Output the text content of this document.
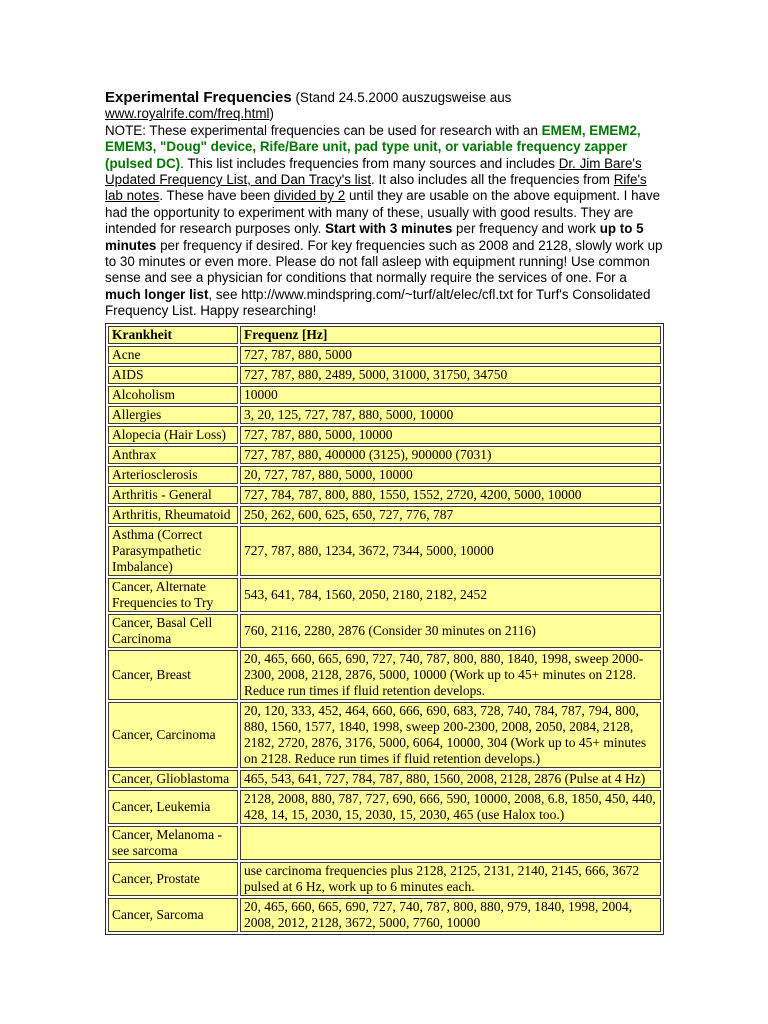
Experimental Frequencies (Stand 24.5.2000 auszugsweise aus
www.royalrife.com/freq.html)
NOTE: These experimental frequencies can be used for research with an EMEM, EMEM2, EMEM3, "Doug" device, Rife/Bare unit, pad type unit, or variable frequency zapper (pulsed DC). This list includes frequencies from many sources and includes Dr. Jim Bare's Updated Frequency List, and Dan Tracy's list. It also includes all the frequencies from Rife's lab notes. These have been divided by 2 until they are usable on the above equipment. I have had the opportunity to experiment with many of these, usually with good results. They are intended for research purposes only. Start with 3 minutes per frequency and work up to 5 minutes per frequency if desired. For key frequencies such as 2008 and 2128, slowly work up to 30 minutes or even more. Please do not fall asleep with equipment running! Use common sense and see a physician for conditions that normally require the services of one. For a much longer list, see http://www.mindspring.com/~turf/alt/elec/cfl.txt for Turf's Consolidated Frequency List. Happy researching!
Krankheit	Frequenz [Hz]
Acne	727, 787, 880, 5000
AIDS	727, 787, 880, 2489, 5000, 31000, 31750, 34750
Alcoholism	10000
Allergies	3, 20, 125, 727, 787, 880, 5000, 10000
Alopecia (Hair Loss)	727, 787, 880, 5000, 10000
Anthrax	727, 787, 880, 400000 (3125), 900000 (7031)
Arteriosclerosis	20, 727, 787, 880, 5000, 10000
Arthritis - General	727, 784, 787, 800, 880, 1550, 1552, 2720, 4200, 5000, 10000
Arthritis, Rheumatoid	250, 262, 600, 625, 650, 727, 776, 787
Asthma (Correct Parasympathetic Imbalance)	727, 787, 880, 1234, 3672, 7344, 5000, 10000
Cancer, Alternate Frequencies to Try	543, 641, 784, 1560, 2050, 2180, 2182, 2452
Cancer, Basal Cell Carcinoma	760, 2116, 2280, 2876 (Consider 30 minutes on 2116)
Cancer, Breast	20, 465, 660, 665, 690, 727, 740, 787, 800, 880, 1840, 1998, sweep 2000-2300, 2008, 2128, 2876, 5000, 10000 (Work up to 45+ minutes on 2128. Reduce run times if fluid retention develops.
Cancer, Carcinoma	20, 120, 333, 452, 464, 660, 666, 690, 683, 728, 740, 784, 787, 794, 800, 880, 1560, 1577, 1840, 1998, sweep 200-2300, 2008, 2050, 2084, 2128, 2182, 2720, 2876, 3176, 5000, 6064, 10000, 304 (Work up to 45+ minutes on 2128. Reduce run times if fluid retention develops.)
Cancer, Glioblastoma	465, 543, 641, 727, 784, 787, 880, 1560, 2008, 2128, 2876 (Pulse at 4 Hz)
Cancer, Leukemia	2128, 2008, 880, 787, 727, 690, 666, 590, 10000, 2008, 6.8, 1850, 450, 440, 428, 14, 15, 2030, 15, 2030, 15, 2030, 465 (use Halox too.)
Cancer, Melanoma - see sarcoma	
Cancer, Prostate	use carcinoma frequencies plus 2128, 2125, 2131, 2140, 2145, 666, 3672 pulsed at 6 Hz, work up to 6 minutes each.
Cancer, Sarcoma	20, 465, 660, 665, 690, 727, 740, 787, 800, 880, 979, 1840, 1998, 2004, 2008, 2012, 2128, 3672, 5000, 7760, 10000
